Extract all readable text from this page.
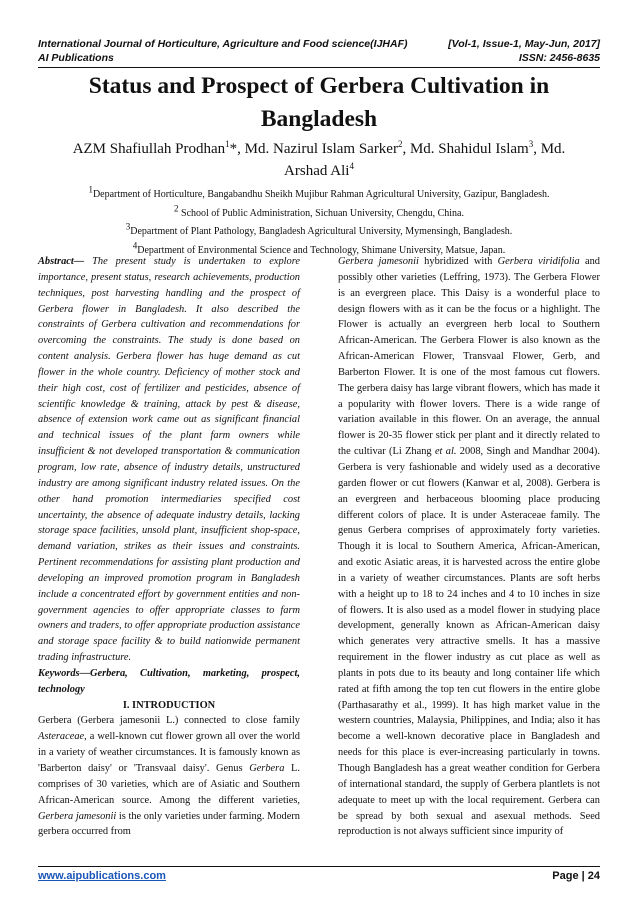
International Journal of Horticulture, Agriculture and Food science(IJHAF)	[Vol-1, Issue-1, May-Jun, 2017]
AI Publications	ISSN: 2456-8635
Status and Prospect of Gerbera Cultivation in Bangladesh
AZM Shafiullah Prodhan$^1$*, Md. Nazirul Islam Sarker$^2$, Md. Shahidul Islam$^3$, Md. Arshad Ali$^4$
$^1$Department of Horticulture, Bangabandhu Sheikh Mujibur Rahman Agricultural University, Gazipur, Bangladesh.
$^2$ School of Public Administration, Sichuan University, Chengdu, China.
$^3$Department of Plant Pathology, Bangladesh Agricultural University, Mymensingh, Bangladesh.
$^4$Department of Environmental Science and Technology, Shimane University, Matsue, Japan.

Abstract— The present study is undertaken to explore importance, present status, research achievements, production techniques, post harvesting handling and the prospect of Gerbera flower in Bangladesh. It also described the constraints of Gerbera cultivation and recommendations for overcoming the constraints. The study is done based on content analysis. Gerbera flower has huge demand as cut flower in the whole country. Deficiency of mother stock and their high cost, cost of fertilizer and pesticides, absence of scientific knowledge & training, attack by pest & disease, absence of extension work came out as significant financial and technical issues of the plant farm owners while insufficient & not developed transportation & communication program, low rate, absence of industry details, unstructured industry are among significant industry related issues. On the other hand promotion intermediaries specified cost uncertainty, the absence of adequate industry details, lacking storage space facilities, unsold plant, insufficient shop-space, demand variation, strikes as their issues and constraints. Pertinent recommendations for assisting plant production and developing an improved promotion program in Bangladesh include a concentrated effort by government entities and non-government agencies to offer appropriate classes to farm owners and traders, to offer appropriate production assistance and storage space facility & to build nationwide permanent trading infrastructure.

Keywords—Gerbera, Cultivation, marketing, prospect, technology

I. INTRODUCTION

Gerbera (Gerbera jamesonii L.) connected to close family Asteraceae, a well-known cut flower grown all over the world in a variety of weather circumstances. It is famously known as 'Barberton daisy' or 'Transvaal daisy'. Genus Gerbera L. comprises of 30 varieties, which are of Asiatic and Southern African-American source. Among the different varieties, Gerbera jamesonii is the only varieties under farming. Modern gerbera occurred from

Gerbera jamesonii hybridized with Gerbera viridifolia and possibly other varieties (Leffring, 1973). The Gerbera Flower is an evergreen place. This Daisy is a wonderful place to design flowers with as it can be the focus or a highlight. The Flower is actually an evergreen herb local to Southern African-American. The Gerbera Flower is also known as the African-American Flower, Transvaal Flower, Gerb, and Barberton Flower. It is one of the most famous cut flowers. The gerbera daisy has large vibrant flowers, which has made it a popularity with flower lovers. There is a wide range of variation available in this flower. On an average, the annual flower is 20-35 flower stick per plant and it directly related to the cultivar (Li Zhang et al. 2008, Singh and Mandhar 2004). Gerbera is very fashionable and widely used as a decorative garden flower or cut flowers (Kanwar et al, 2008). Gerbera is an evergreen and herbaceous blooming place producing different colors of place. It is under Asteraceae family. The genus Gerbera comprises of approximately forty varieties. Though it is local to Southern America, African-American, and exotic Asiatic areas, it is harvested across the entire globe in a variety of weather circumstances. Plants are soft herbs with a height up to 18 to 24 inches and 4 to 10 inches in size of flowers. It is also used as a model flower in studying place development, generally known as African-American daisy which generates very attractive smells. It has a massive requirement in the flower industry as cut place as well as plants in pots due to its beauty and long container life which rated at fifth among the top ten cut flowers in the entire globe (Parthasarathy et al., 1999). It has high market value in the western countries, Malaysia, Philippines, and India; also it has become a well-known decorative place in Bangladesh and needs for this place is ever-increasing particularly in towns. Though Bangladesh has a great weather condition for Gerbera of international standard, the supply of Gerbera plantlets is not adequate to meet up with the local requirement. Gerbera can be spread by both sexual and asexual methods. Seed reproduction is not always sufficient since impurity of

www.aipublications.com	Page | 24
